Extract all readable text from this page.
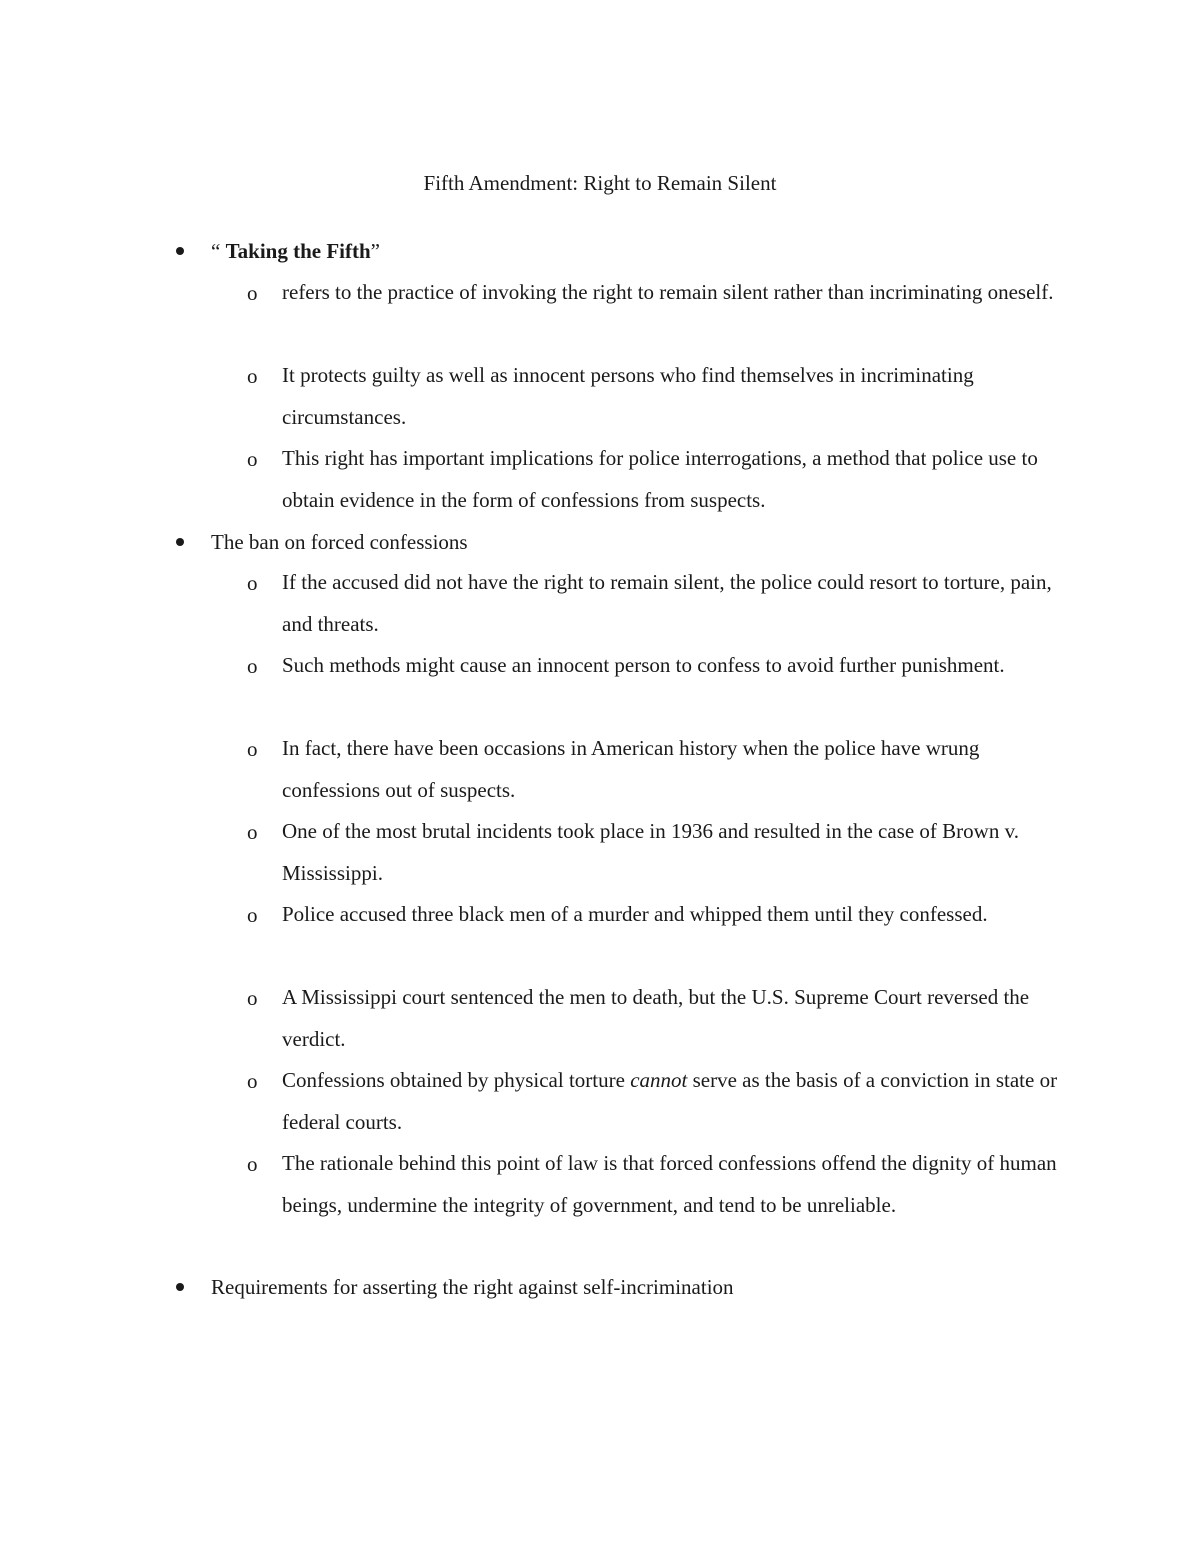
Fifth Amendment: Right to Remain Silent
“ Taking the Fifth”
o refers to the practice of invoking the right to remain silent rather than incriminating oneself.
o It protects guilty as well as innocent persons who find themselves in incriminating circumstances.
o This right has important implications for police interrogations, a method that police use to obtain evidence in the form of confessions from suspects.
The ban on forced confessions
o If the accused did not have the right to remain silent, the police could resort to torture, pain, and threats.
o Such methods might cause an innocent person to confess to avoid further punishment.
o In fact, there have been occasions in American history when the police have wrung confessions out of suspects.
o One of the most brutal incidents took place in 1936 and resulted in the case of Brown v. Mississippi.
o Police accused three black men of a murder and whipped them until they confessed.
o A Mississippi court sentenced the men to death, but the U.S. Supreme Court reversed the verdict.
o Confessions obtained by physical torture cannot serve as the basis of a conviction in state or federal courts.
o The rationale behind this point of law is that forced confessions offend the dignity of human beings, undermine the integrity of government, and tend to be unreliable.
Requirements for asserting the right against self-incrimination
